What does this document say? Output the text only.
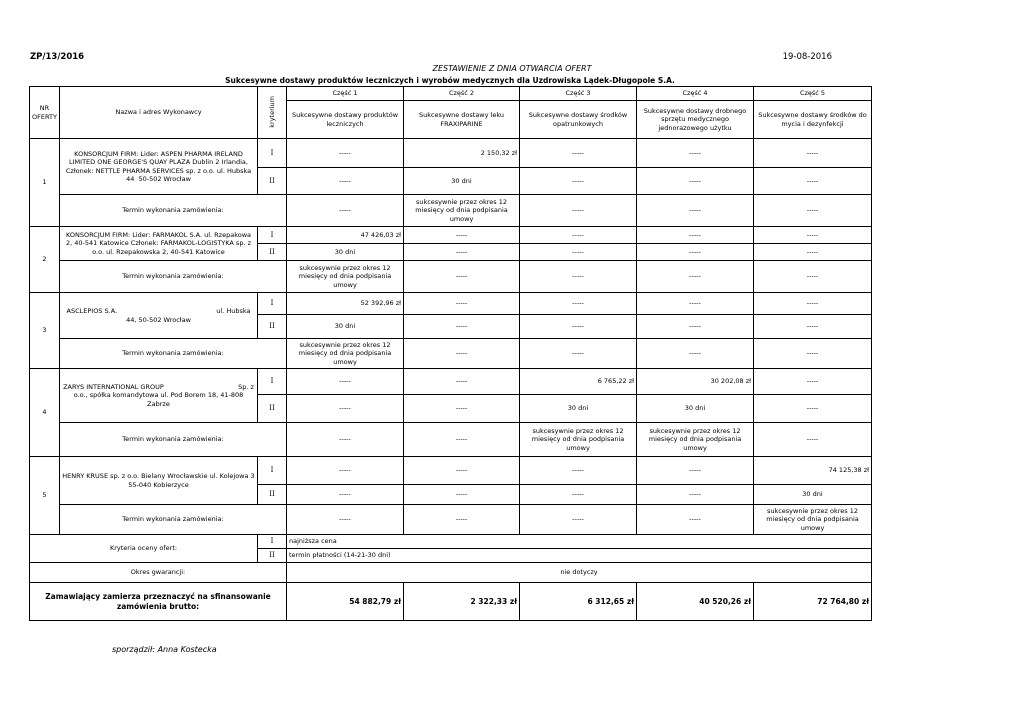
ZP/13/2016	19-08-2016
ZESTAWIENIE Z DNIA OTWARCIA OFERT
Sukcesywne dostawy produktów leczniczych i wyrobów medycznych dla Uzdrowiska Lądek-Długopole S.A.
NR OFERTY	Nazwa i adres Wykonawcy	kryterium	Część 1	Część 2	Część 3	Część 4	Część 5
			Sukcesywne dostawy produktów leczniczych	Sukcesywne dostawy leku FRAXIPARINE	Sukcesywne dostawy środków opatrunkowych	Sukcesywne dostawy drobnego sprzętu medycznego jednorazowego użytku	Sukcesywne dostawy środków do mycia i dezynfekcji
1	KONSORCJUM FIRM: Lider: ASPEN PHARMA IRELAND LIMITED ONE GEORGE'S QUAY PLAZA Dublin 2 Irlandia, Członek: NETTLE PHARMA SERVICES sp. z o.o. ul. Hubska 44  50-502 Wrocław	I	-----	2 150,32 zł	-----	-----	-----
		II	-----	30 dni	-----	-----	-----
	Termin wykonania zamówienia:		-----	sukcesywnie przez okres 12 miesięcy od dnia podpisania umowy	-----	-----	-----
2	KONSORCJUM FIRM: Lider: FARMAKOL S.A. ul. Rzepakowa 2, 40-541 Katowice Członek: FARMAKOL-LOGISTYKA sp. z o.o. ul. Rzepakowska 2, 40-541 Katowice	I	47 426,03 zł	-----	-----	-----	-----
		II	30 dni	-----	-----	-----	-----
	Termin wykonania zamówienia:		sukcesywnie przez okres 12 miesięcy od dnia podpisania umowy	-----	-----	-----	-----
3	ASCLEPIOS S.A.                                                ul. Hubska 44, 50-502 Wrocław	I	52 392,96 zł	-----	-----	-----	-----
		II	30 dni	-----	-----	-----	-----
	Termin wykonania zamówienia:		sukcesywnie przez okres 12 miesięcy od dnia podpisania umowy	-----	-----	-----	-----
4	ZARYS INTERNATIONAL GROUP                                    Sp. z o.o., spółka komandytowa ul. Pod Borem 18, 41-808 Zabrze	I	-----	-----	6 765,22 zł	30 202,08 zł	-----
		II	-----	-----	30 dni	30 dni	-----
	Termin wykonania zamówienia:		-----	-----	sukcesywnie przez okres 12 miesięcy od dnia podpisania umowy	sukcesywnie przez okres 12 miesięcy od dnia podpisania umowy	-----
5	HENRY KRUSE sp. z o.o. Bielany Wrocławskie ul. Kolejowa 3 55-040 Kobierzyce	I	-----	-----	-----	-----	74 125,38 zł
		II	-----	-----	-----	-----	30 dni
	Termin wykonania zamówienia:		-----	-----	-----	-----	sukcesywnie przez okres 12 miesięcy od dnia podpisania umowy
Kryteria oceny ofert:		I	najniższa cena				
		II	termin płatności (14-21-30 dni)				
Okres gwarancji:			nie dotyczy				
Zamawiający zamierza przeznaczyć na sfinansowanie zamówienia brutto:			54 882,79 zł	2 322,33 zł	6 312,65 zł	40 520,26 zł	72 764,80 zł
sporządził: Anna Kostecka
